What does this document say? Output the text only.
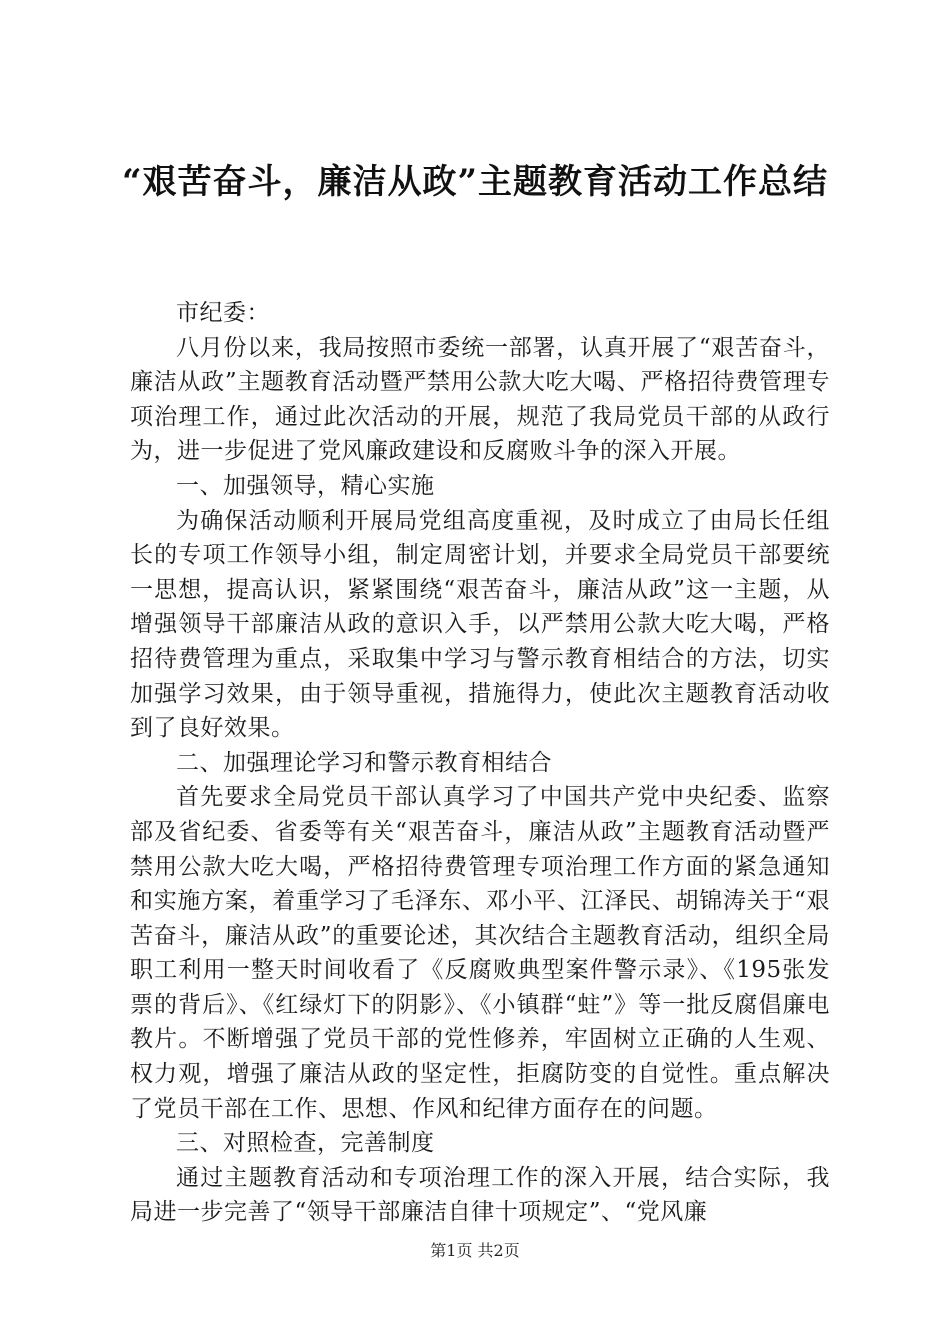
“艰苦奋斗，廉洁从政”主题教育活动工作总结

市纪委：

八月份以来，我局按照市委统一部署，认真开展了“艰苦奋斗，廉洁从政”主题教育活动暨严禁用公款大吃大喝、严格招待费管理专项治理工作，通过此次活动的开展，规范了我局党员干部的从政行为，进一步促进了党风廉政建设和反腐败斗争的深入开展。

一、加强领导，精心实施

为确保活动顺利开展局党组高度重视，及时成立了由局长任组长的专项工作领导小组，制定周密计划，并要求全局党员干部要统一思想，提高认识，紧紧围绕“艰苦奋斗，廉洁从政”这一主题，从增强领导干部廉洁从政的意识入手，以严禁用公款大吃大喝，严格招待费管理为重点，采取集中学习与警示教育相结合的方法，切实加强学习效果，由于领导重视，措施得力，使此次主题教育活动收到了良好效果。

二、加强理论学习和警示教育相结合

首先要求全局党员干部认真学习了中国共产党中央纪委、监察部及省纪委、省委等有关“艰苦奋斗，廉洁从政”主题教育活动暨严禁用公款大吃大喝，严格招待费管理专项治理工作方面的紧急通知和实施方案，着重学习了毛泽东、邓小平、江泽民、胡锦涛关于“艰苦奋斗，廉洁从政”的重要论述，其次结合主题教育活动，组织全局职工利用一整天时间收看了《反腐败典型案件警示录》、《195张发票的背后》、《红绿灯下的阴影》、《小镇群“蛀”》等一批反腐倡廉电教片。不断增强了党员干部的党性修养，牢固树立正确的人生观、权力观，增强了廉洁从政的坚定性，拒腐防变的自觉性。重点解决了党员干部在工作、思想、作风和纪律方面存在的问题。

三、对照检查，完善制度

通过主题教育活动和专项治理工作的深入开展，结合实际，我局进一步完善了“领导干部廉洁自律十项规定”、“党风廉

第1页 共2页
